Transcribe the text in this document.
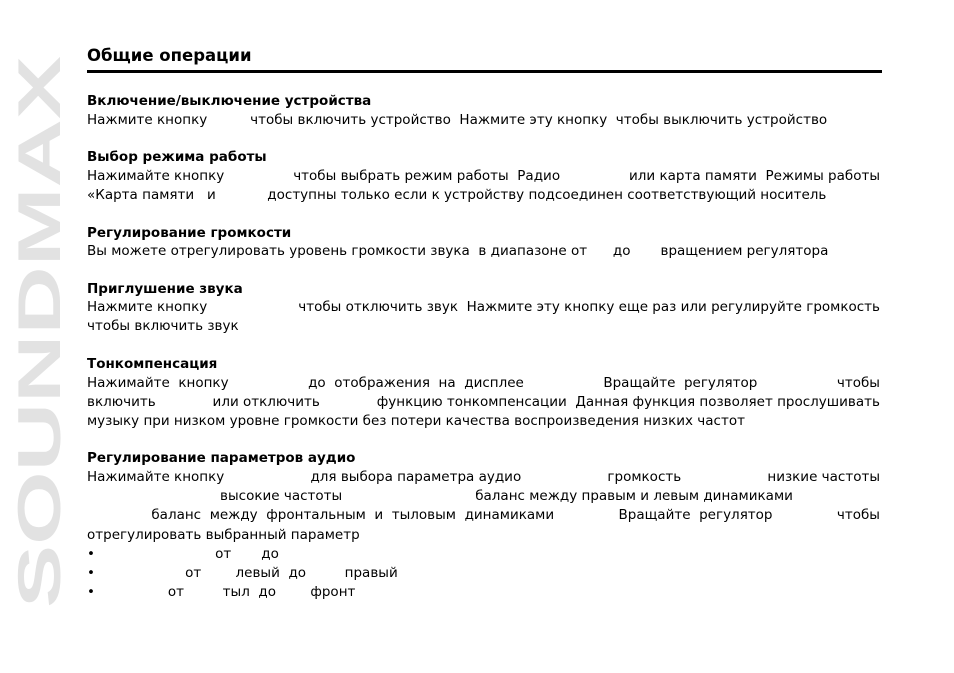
SOUNDMAX
Общие операции
Включение/выключение устройства
Нажмите кнопку          чтобы включить устройство  Нажмите эту кнопку  чтобы выключить устройство
Выбор режима работы
Нажимайте кнопку	чтобы выбрать режим работы  Радио	или карта памяти  Режимы работы
«Карта памяти   и            доступны только если к устройству подсоединен соответствующий носитель
Регулирование громкости
Вы можете отрегулировать уровень громкости звука  в диапазоне от      до       вращением регулятора
Приглушение звука
Нажмите кнопку	чтобы отключить звук  Нажмите эту кнопку еще раз или регулируйте громкость
чтобы включить звук
Тонкомпенсация
Нажимайте  кнопку	до  отображения  на  дисплее	Вращайте  регулятор	чтобы
включить	или отключить	функцию тонкомпенсации  Данная функция позволяет прослушивать
музыку при низком уровне громкости без потери качества воспроизведения низких частот
Регулирование параметров аудио
Нажимайте кнопку	для выбора параметра аудио	громкость	низкие частоты
высокие частоты                               баланс между правым и левым динамиками
баланс  между  фронтальным  и  тыловым  динамиками	Вращайте  регулятор	чтобы
отрегулировать выбранный параметр
•                            от       до
•                     от        левый  до         правый
•                 от         тыл  до        фронт
